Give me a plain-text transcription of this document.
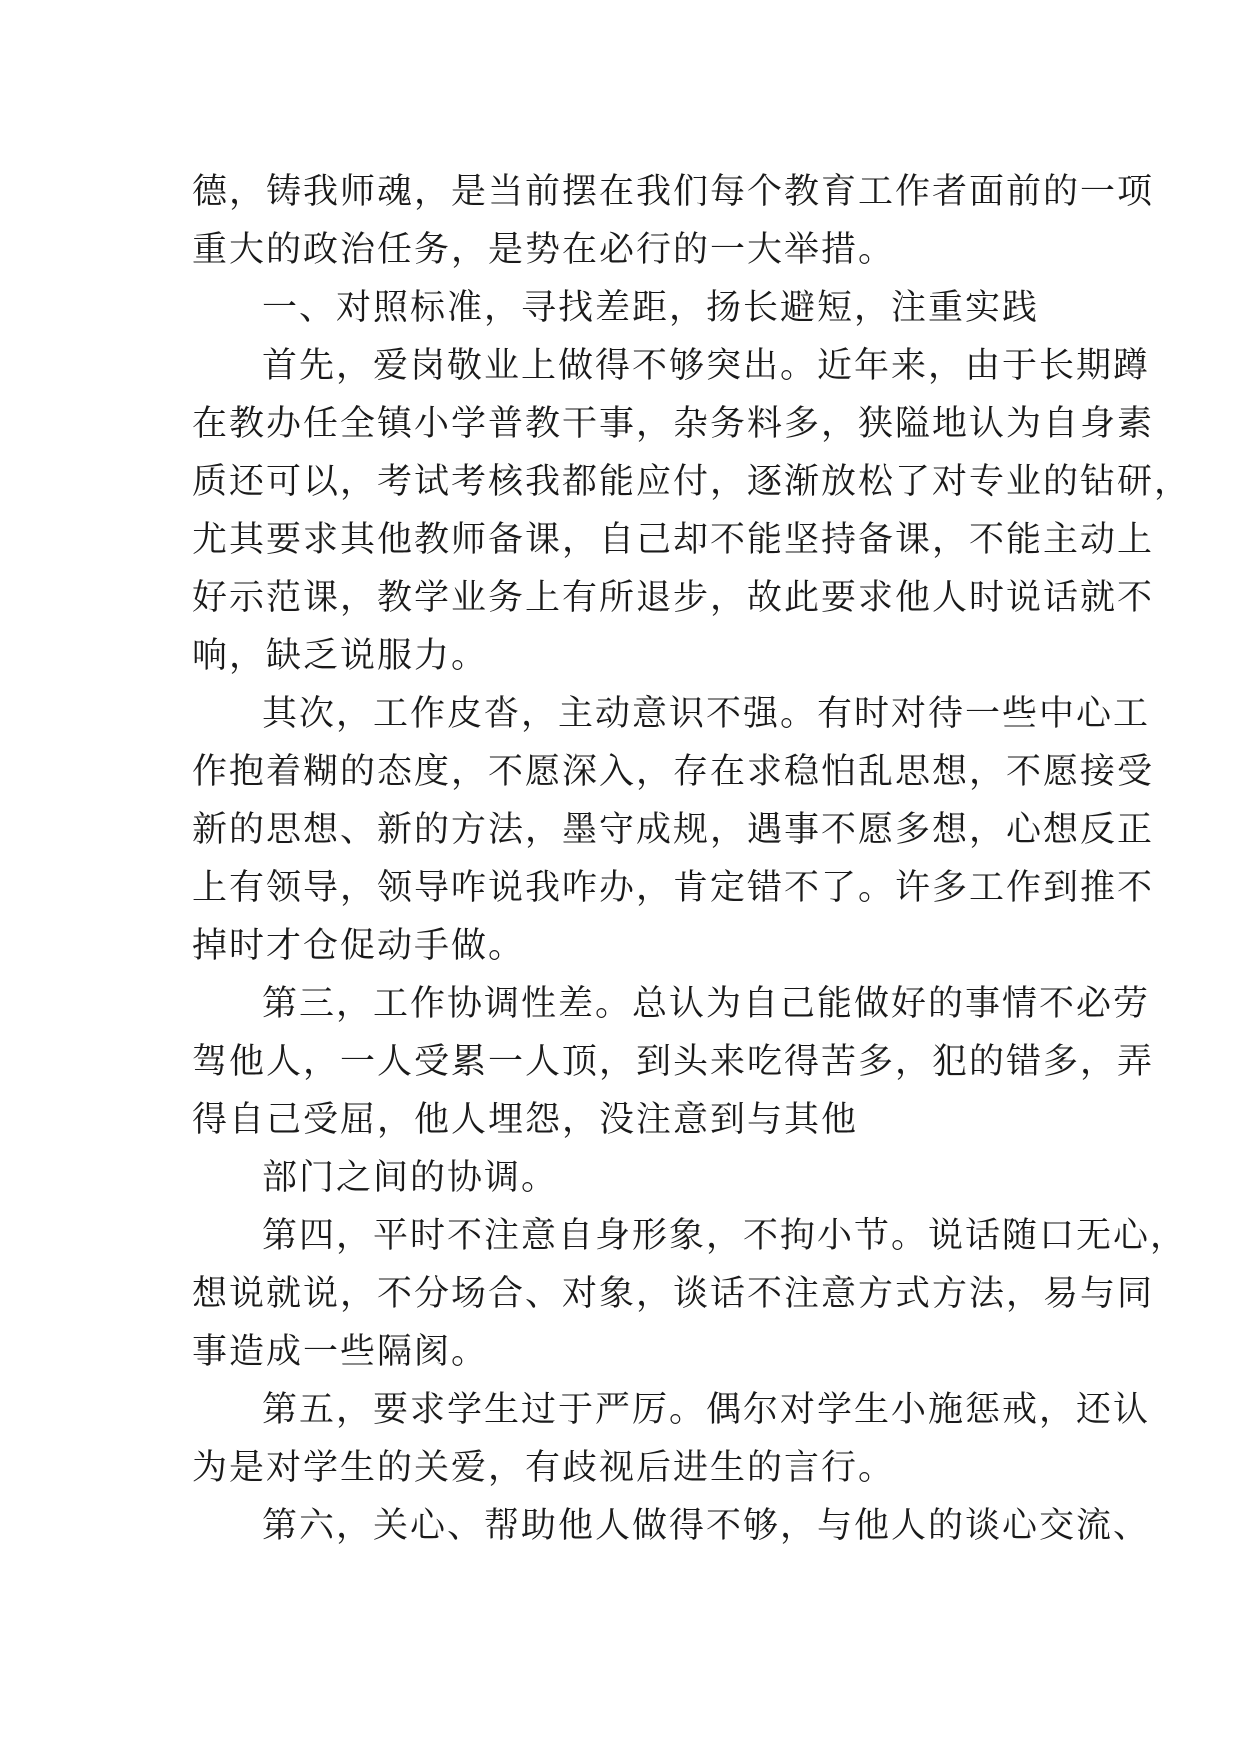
德，铸我师魂，是当前摆在我们每个教育工作者面前的一项
重大的政治任务，是势在必行的一大举措。

一、对照标准，寻找差距，扬长避短，注重实践

首先，爱岗敬业上做得不够突出。近年来，由于长期蹲
在教办任全镇小学普教干事，杂务料多，狭隘地认为自身素
质还可以，考试考核我都能应付，逐渐放松了对专业的钻研，
尤其要求其他教师备课，自己却不能坚持备课，不能主动上
好示范课，教学业务上有所退步，故此要求他人时说话就不
响，缺乏说服力。

其次，工作皮沓，主动意识不强。有时对待一些中心工
作抱着糊的态度，不愿深入，存在求稳怕乱思想，不愿接受
新的思想、新的方法，墨守成规，遇事不愿多想，心想反正
上有领导，领导咋说我咋办，肯定错不了。许多工作到推不
掉时才仓促动手做。

第三，工作协调性差。总认为自己能做好的事情不必劳
驾他人，一人受累一人顶，到头来吃得苦多，犯的错多，弄
得自己受屈，他人埋怨，没注意到与其他

部门之间的协调。

第四，平时不注意自身形象，不拘小节。说话随口无心，
想说就说，不分场合、对象，谈话不注意方式方法，易与同
事造成一些隔阂。

第五，要求学生过于严厉。偶尔对学生小施惩戒，还认
为是对学生的关爱，有歧视后进生的言行。

第六，关心、帮助他人做得不够，与他人的谈心交流、
